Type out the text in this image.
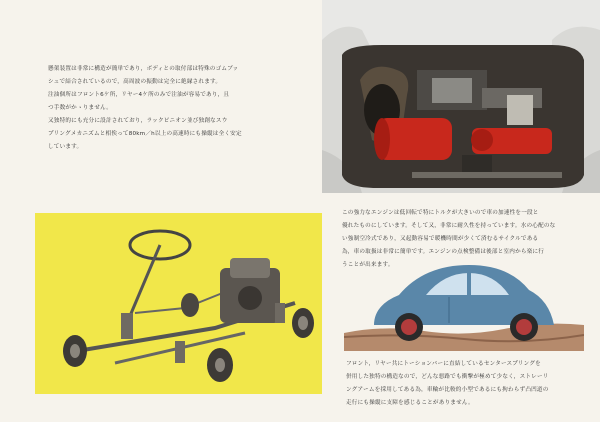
懸架装置は非常に構造が簡単であり，ボディとの取付部は特殊のゴムブッ

シュで結合されているので，高周波の振動は完全に絶縁されます。

注油個所はフロント6ケ所，リヤー4ケ所のみで注油が容易であり，且

つ手数がかゝりません。

又独特的にも充分に設計されており，ラックピニオン並び独創なスウ

プリングメカニズムと相俟って80km／h以上の高速時にも操縦は全く安定

しています。

この強力なエンジンは低回転で特にトルクが大きいので車の加速性を一段と

優れたものにしています。そして又，非常に耐久性を持っています。水の心配のな

い強制空冷式であり，又起動容易で暖機時間が少くて済むるサイクルである

為，車の取扱は非常に簡単です。エンジンの点検整備は後部と室内から楽に行

うことが出来ます。

フロント，リヤー共にトーションバーに直結しているセンタースプリングを

併用した独特の構造なので，どんな悪路でも衝撃が極めて少なく，ストレーリ

ングアームを採用してある為，車輪が比較的小型であるにも拘わらず凸凹道の

走行にも操縦に支障を感じることがありません。
